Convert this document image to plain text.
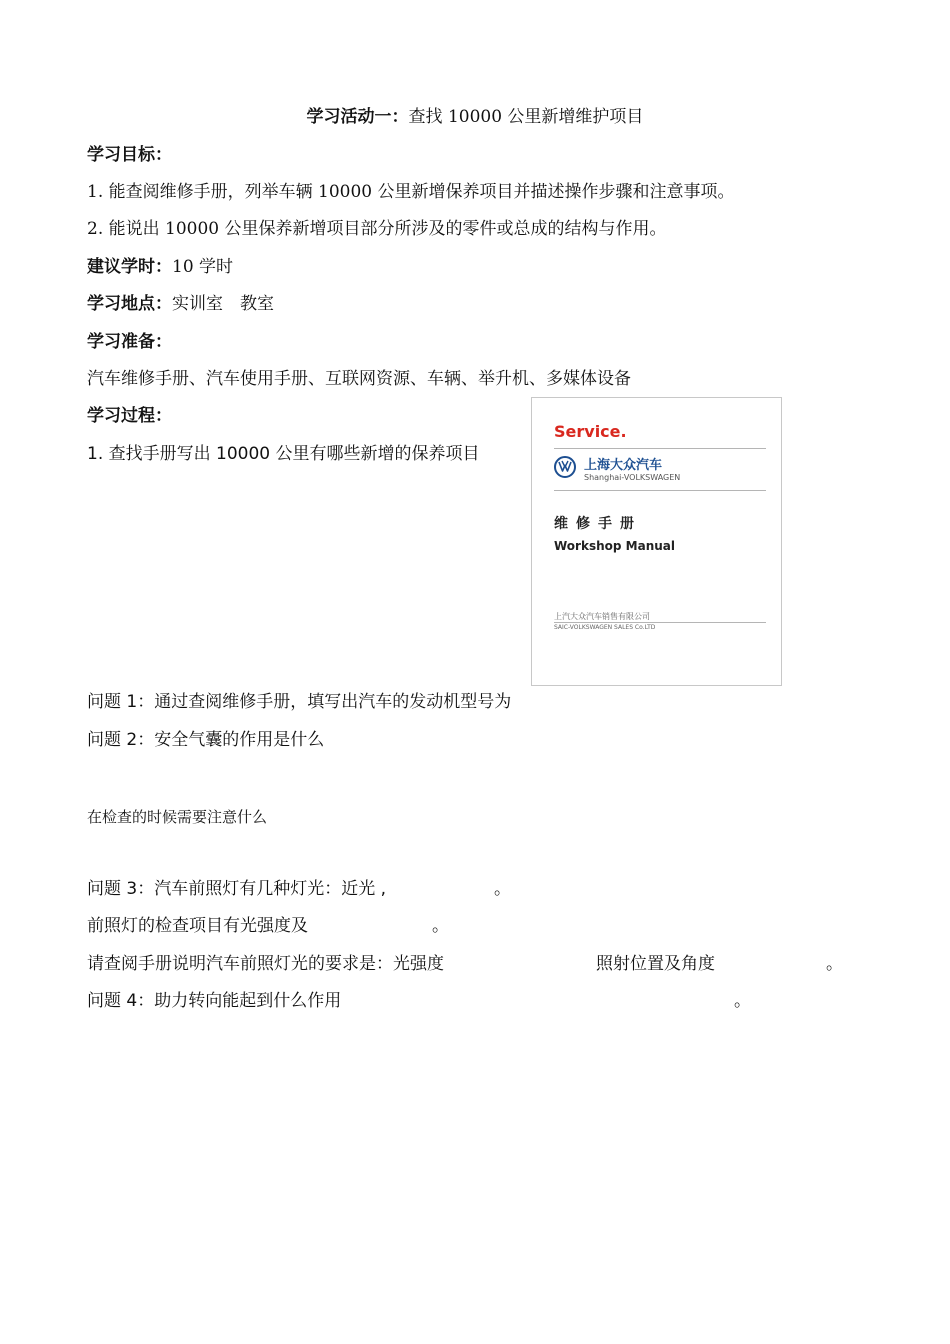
学习活动一：查找 10000 公里新增维护项目
学习目标：
1. 能查阅维修手册，列举车辆 10000 公里新增保养项目并描述操作步骤和注意事项。
2. 能说出 10000 公里保养新增项目部分所涉及的零件或总成的结构与作用。
建议学时：10 学时
学习地点：实训室　教室
学习准备：
汽车维修手册、汽车使用手册、互联网资源、车辆、举升机、多媒体设备
学习过程：
1. 查找手册写出 10000 公里有哪些新增的保养项目
Service.
上海大众汽车
Shanghai-VOLKSWAGEN
维修手册
Workshop Manual
上汽大众汽车销售有限公司
SAIC-VOLKSWAGEN SALES Co.LTD
问题 1：通过查阅维修手册，填写出汽车的发动机型号为
问题 2：安全气囊的作用是什么
在检查的时候需要注意什么
问题 3：汽车前照灯有几种灯光：近光 ,	。
前照灯的检查项目有光强度及	。
请查阅手册说明汽车前照灯光的要求是：光强度	照射位置及角度	。
问题 4：助力转向能起到什么作用	。
